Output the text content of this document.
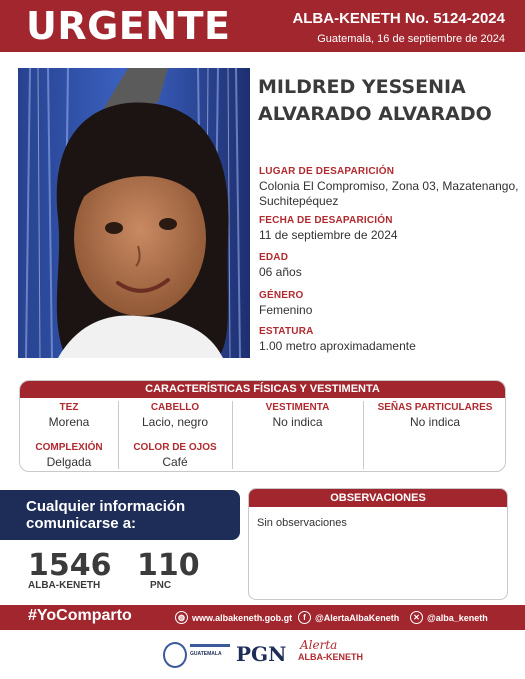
URGENTE	ALBA-KENETH No. 5124-2024
Guatemala, 16 de septiembre de 2024
MILDRED YESSENIA
ALVARADO ALVARADO
LUGAR DE DESAPARICIÓN
Colonia El Compromiso, Zona 03, Mazatenango,
Suchitepéquez
FECHA DE DESAPARICIÓN
11 de septiembre de 2024
EDAD
06 años
GÉNERO
Femenino
ESTATURA
1.00 metro aproximadamente
CARACTERÍSTICAS FÍSICAS Y VESTIMENTA
TEZ
Morena
CABELLO
Lacio, negro
VESTIMENTA
No indica
SEÑAS PARTICULARES
No indica
COMPLEXIÓN
Delgada
COLOR DE OJOS
Café
Cualquier información
comunicarse a:
1546
ALBA-KENETH
110
PNC
OBSERVACIONES
Sin observaciones
#YoComparto	◍ www.albakeneth.gob.gt	f	@AlertaAlbaKeneth	✕ @alba_keneth
GUATEMALA PGN Alerta
ALBA-KENETH
